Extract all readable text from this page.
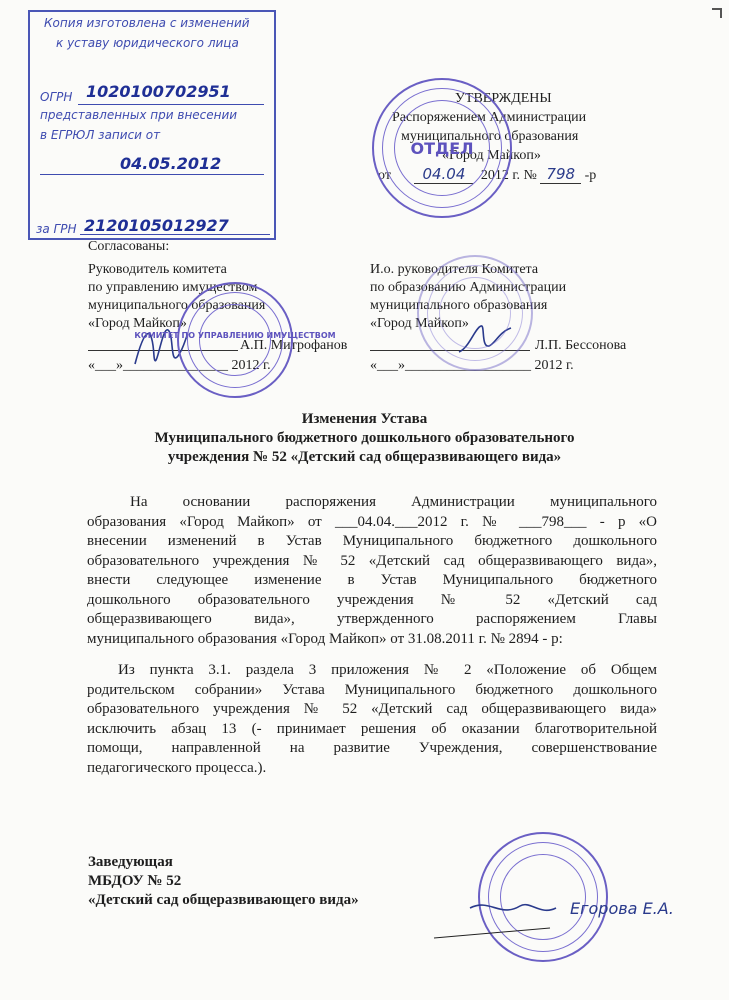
Копия изготовлена с изменений
к уставу юридического лица
ОГРН 1020100702951
представленных при внесении
в ЕГРЮЛ записи от
04.05.2012
за ГРН 2120105012927
УТВЕРЖДЕНЫ
Распоряжением Администрации
муниципального образования
«Город Майкоп»
от 04.04 2012 г. № 798 -р
ОТДЕЛ
Согласованы:
Руководитель комитета
по управлению имуществом
муниципального образования
«Город Майкоп»
А.П. Митрофанов
«___»_______________ 2012 г.
И.о. руководителя Комитета
по образованию Администрации
муниципального образования
«Город Майкоп»
Л.П. Бессонова
«___»__________________ 2012 г.
КОМИТЕТ ПО УПРАВЛЕНИЮ ИМУЩЕСТВОМ
Изменения Устава
Муниципального бюджетного дошкольного образовательного
учреждения № 52 «Детский сад общеразвивающего вида»
На основании распоряжения Администрации муниципального
образования «Город Майкоп» от ___04.04.___2012 г. № ___798___ - р «О
внесении изменений в Устав Муниципального бюджетного дошкольного
образовательного учреждения № 52 «Детский сад общеразвивающего вида»,
внести следующее изменение в Устав Муниципального бюджетного
дошкольного образовательного учреждения № 52 «Детский сад
общеразвивающего вида», утвержденного распоряжением Главы
муниципального образования «Город Майкоп» от 31.08.2011 г. № 2894 - р:
Из пункта 3.1. раздела 3 приложения № 2 «Положение об Общем
родительском собрании» Устава Муниципального бюджетного дошкольного
образовательного учреждения № 52 «Детский сад общеразвивающего вида»
исключить абзац 13 (- принимает решения об оказании благотворительной
помощи, направленной на развитие Учреждения, совершенствование
педагогического процесса.).
Заведующая
МБДОУ № 52
«Детский сад общеразвивающего вида»	Егорова Е.А.
